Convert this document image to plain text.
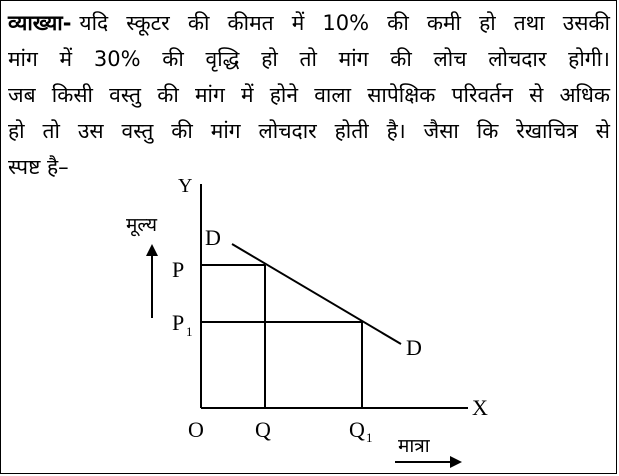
व्याख्या- यदि स्कूटर की कीमत में 10% की कमी हो तथा उसकी
मांग में 30% की वृद्धि हो तो मांग की लोच लोचदार होगी।
जब किसी वस्तु की मांग में होने वाला सापेक्षिक परिवर्तन से अधिक
हो तो उस वस्तु की मांग लोचदार होती है। जैसा कि रेखाचित्र से
स्पष्ट है–
Y
X
O
मूल्य
मात्रा
P
P 1
Q	Q 1
D
D
